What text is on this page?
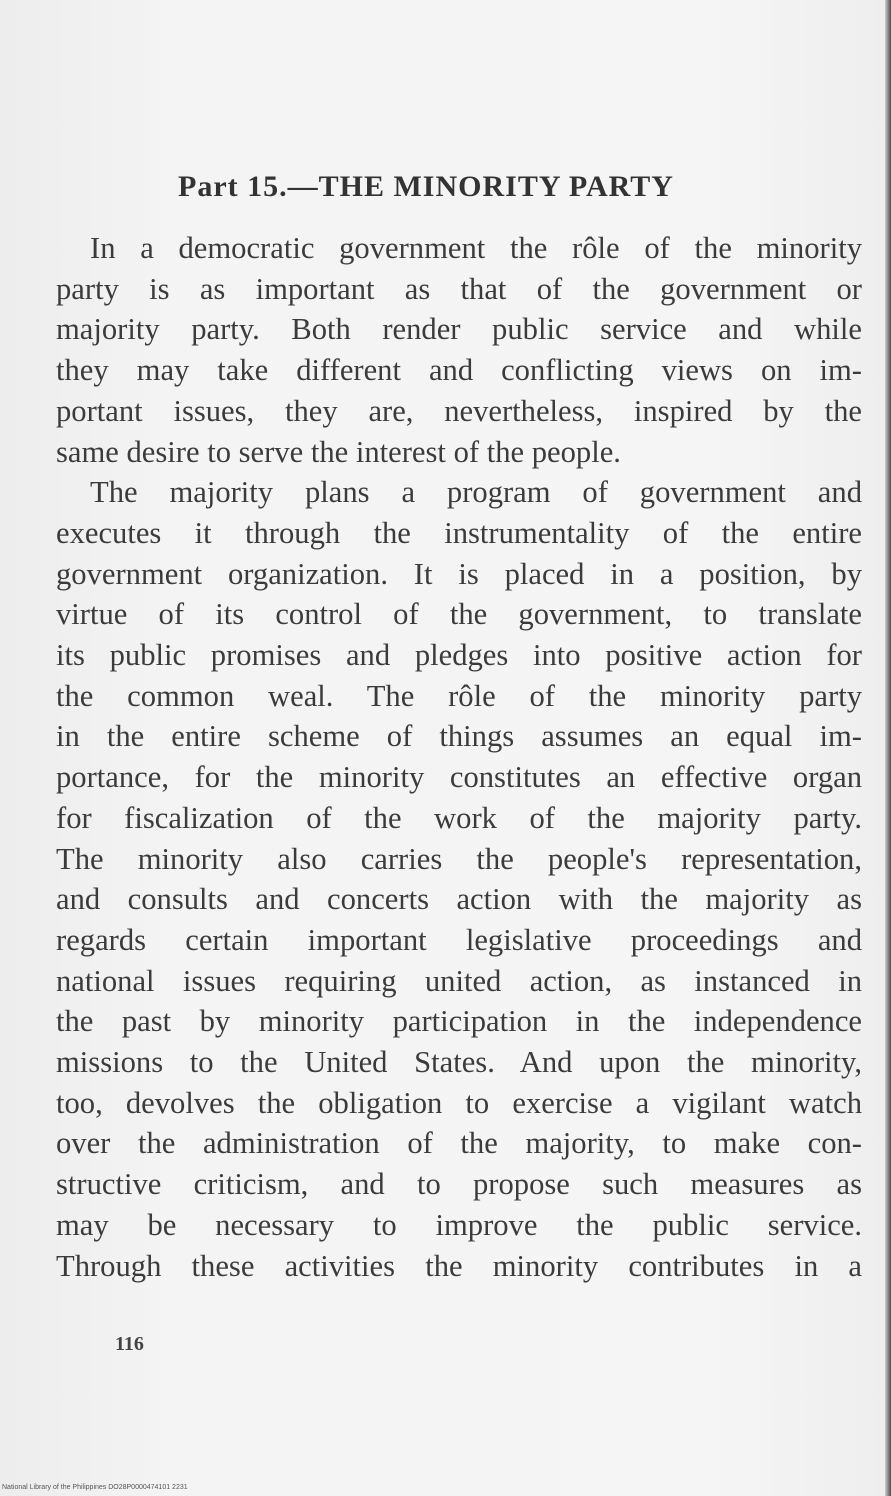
Part 15.—THE MINORITY PARTY
In a democratic government the rôle of the minority
party is as important as that of the government or
majority party. Both render public service and while
they may take different and conflicting views on im-
portant issues, they are, nevertheless, inspired by the
same desire to serve the interest of the people.
The majority plans a program of government and
executes it through the instrumentality of the entire
government organization. It is placed in a position, by
virtue of its control of the government, to translate
its public promises and pledges into positive action for
the common weal. The rôle of the minority party
in the entire scheme of things assumes an equal im-
portance, for the minority constitutes an effective organ
for fiscalization of the work of the majority party.
The minority also carries the people's representation,
and consults and concerts action with the majority as
regards certain important legislative proceedings and
national issues requiring united action, as instanced in
the past by minority participation in the independence
missions to the United States. And upon the minority,
too, devolves the obligation to exercise a vigilant watch
over the administration of the majority, to make con-
structive criticism, and to propose such measures as
may be necessary to improve the public service.
Through these activities the minority contributes in a
116
National Library of the Philippines DO28P0000474101 2231
